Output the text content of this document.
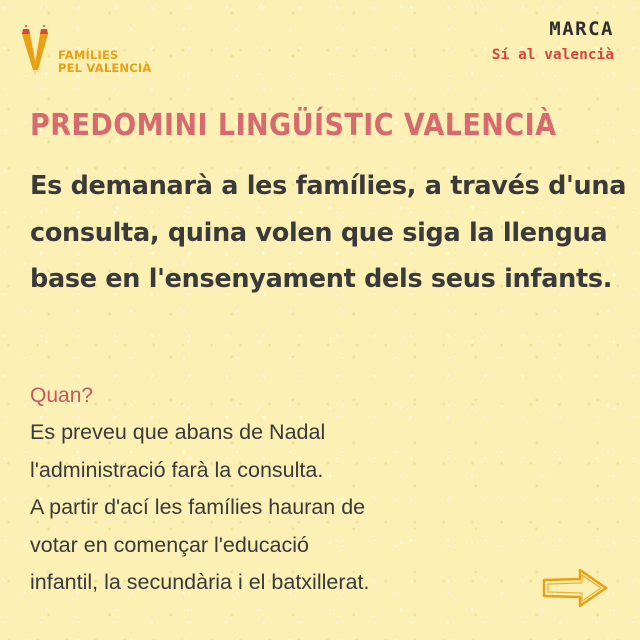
FAMÍLIES
PEL VALENCIÀ
MARCA
Sí al valencià
PREDOMINI LINGÜÍSTIC VALENCIÀ

Es demanarà a les famílies, a través d'una consulta, quina volen que siga la llengua base en l'ensenyament dels seus infants.

Quan?

Es preveu que abans de Nadal
l'administració farà la consulta.
A partir d'ací les famílies hauran de
votar en començar l'educació
infantil, la secundària i el batxillerat.
